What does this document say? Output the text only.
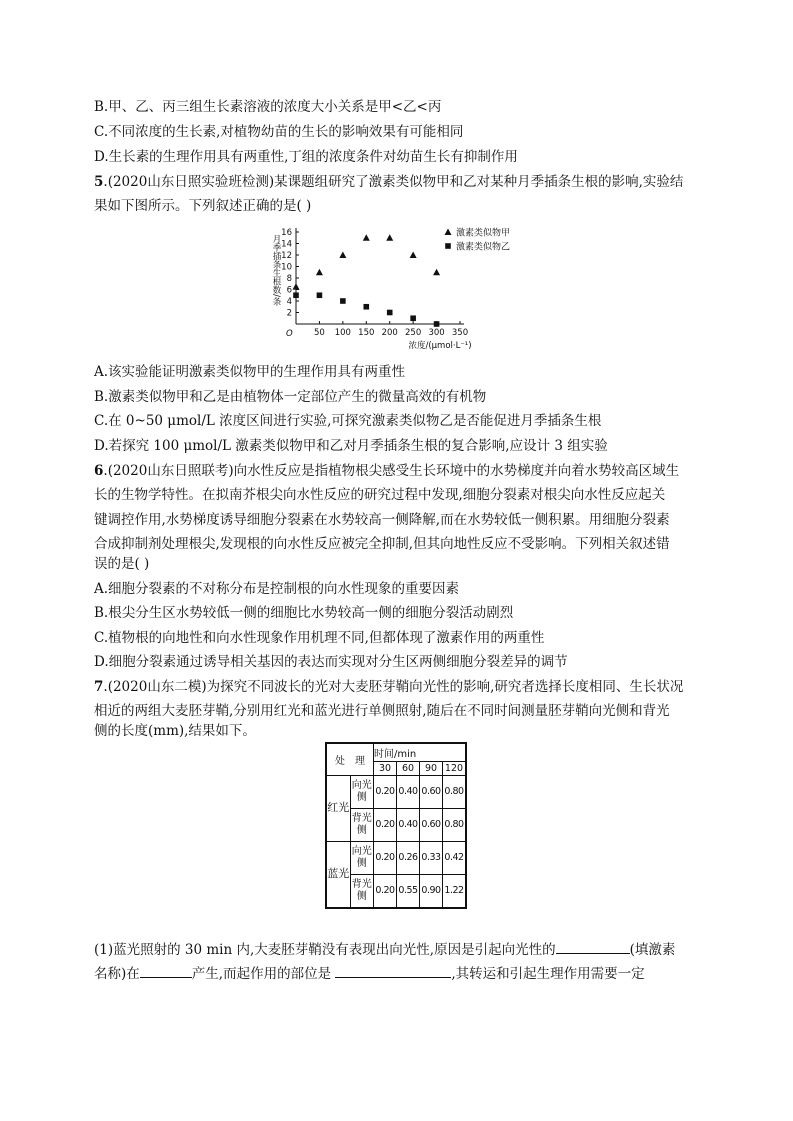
B.甲、乙、丙三组生长素溶液的浓度大小关系是甲<乙<丙
C.不同浓度的生长素,对植物幼苗的生长的影响效果有可能相同
D.生长素的生理作用具有两重性,丁组的浓度条件对幼苗生长有抑制作用
5.(2020山东日照实验班检测)某课题组研究了激素类似物甲和乙对某种月季插条生根的影响,实验结
果如下图所示。下列叙述正确的是( )
2
4
6
8
10
12
14
16
50 100 150 200 250 300 350
O
浓度/(μmol·L⁻¹)
月季插条生根数/条
激素类似物甲
激素类似物乙
A.该实验能证明激素类似物甲的生理作用具有两重性
B.激素类似物甲和乙是由植物体一定部位产生的微量高效的有机物
C.在 0~50 μmol/L 浓度区间进行实验,可探究激素类似物乙是否能促进月季插条生根
D.若探究 100 μmol/L 激素类似物甲和乙对月季插条生根的复合影响,应设计 3 组实验
6.(2020山东日照联考)向水性反应是指植物根尖感受生长环境中的水势梯度并向着水势较高区域生
长的生物学特性。在拟南芥根尖向水性反应的研究过程中发现,细胞分裂素对根尖向水性反应起关
键调控作用,水势梯度诱导细胞分裂素在水势较高一侧降解,而在水势较低一侧积累。用细胞分裂素
合成抑制剂处理根尖,发现根的向水性反应被完全抑制,但其向地性反应不受影响。下列相关叙述错
误的是( )
A.细胞分裂素的不对称分布是控制根的向水性现象的重要因素
B.根尖分生区水势较低一侧的细胞比水势较高一侧的细胞分裂活动剧烈
C.植物根的向地性和向水性现象作用机理不同,但都体现了激素作用的两重性
D.细胞分裂素通过诱导相关基因的表达而实现对分生区两侧细胞分裂差异的调节
7.(2020山东二模)为探究不同波长的光对大麦胚芽鞘向光性的影响,研究者选择长度相同、生长状况
相近的两组大麦胚芽鞘,分别用红光和蓝光进行单侧照射,随后在不同时间测量胚芽鞘向光侧和背光
侧的长度(mm),结果如下。
处　理		时间/min			
		30	60	90	120
红光	向光侧	0.20	0.40	0.60	0.80
	背光侧	0.20	0.40	0.60	0.80
蓝光	向光侧	0.20	0.26	0.33	0.42
	背光侧	0.20	0.55	0.90	1.22
(1)蓝光照射的 30 min 内,大麦胚芽鞘没有表现出向光性,原因是引起向光性的	(填激素
名称)在	产生,而起作用的部位是	,其转运和引起生理作用需要一定
